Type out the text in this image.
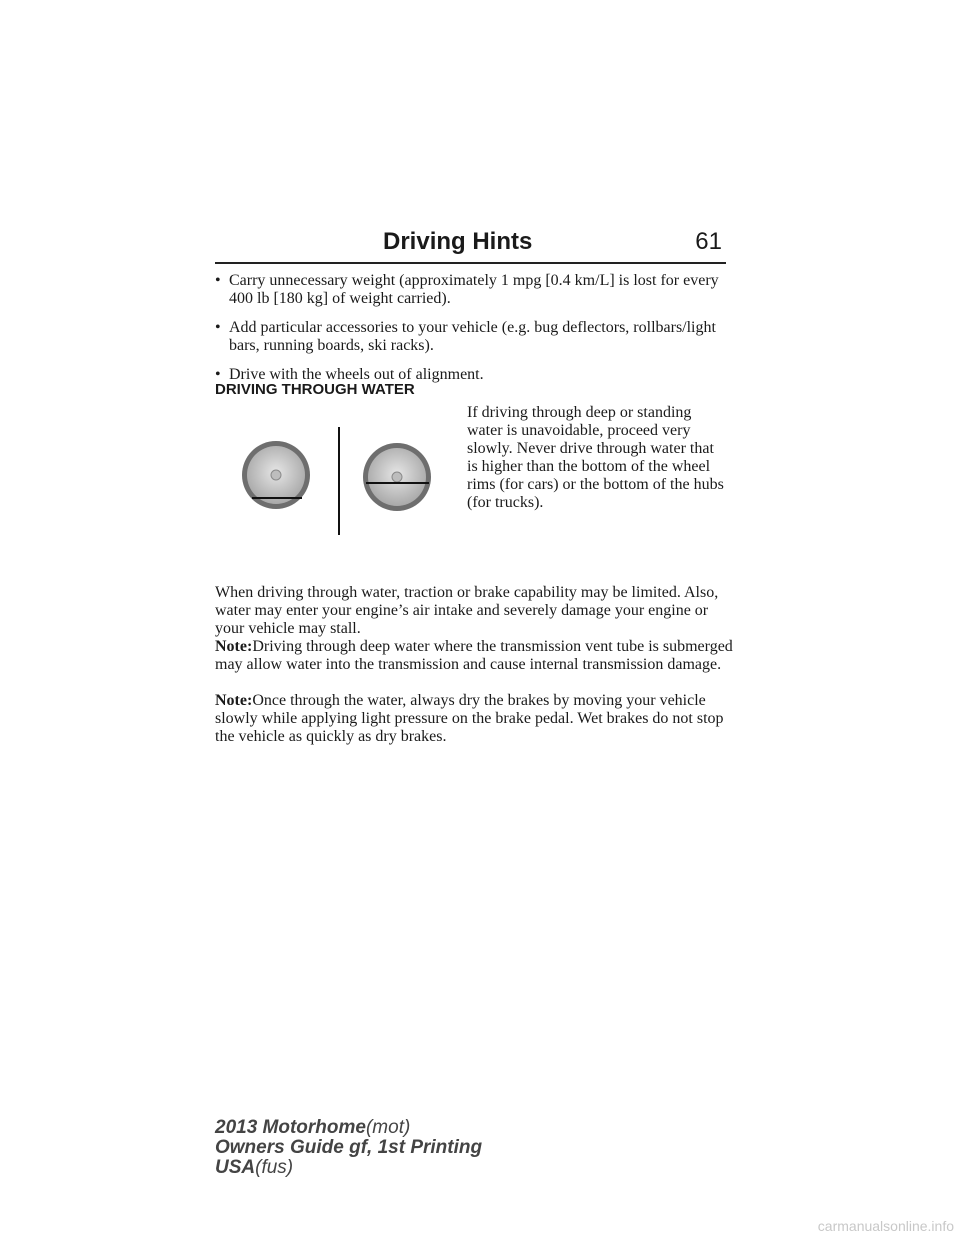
Driving Hints	61
• Carry unnecessary weight (approximately 1 mpg [0.4 km/L] is lost for every 400 lb [180 kg] of weight carried).
• Add particular accessories to your vehicle (e.g. bug deflectors, rollbars/light bars, running boards, ski racks).
• Drive with the wheels out of alignment.
DRIVING THROUGH WATER

If driving through deep or standing water is unavoidable, proceed very slowly. Never drive through water that is higher than the bottom of the wheel rims (for cars) or the bottom of the hubs (for trucks).

When driving through water, traction or brake capability may be limited. Also, water may enter your engine’s air intake and severely damage your engine or your vehicle may stall.

Note:Driving through deep water where the transmission vent tube is submerged may allow water into the transmission and cause internal transmission damage.

Note:Once through the water, always dry the brakes by moving your vehicle slowly while applying light pressure on the brake pedal. Wet brakes do not stop the vehicle as quickly as dry brakes.

2013 Motorhome(mot)
Owners Guide gf, 1st Printing
USA(fus)
carmanualsonline.info
